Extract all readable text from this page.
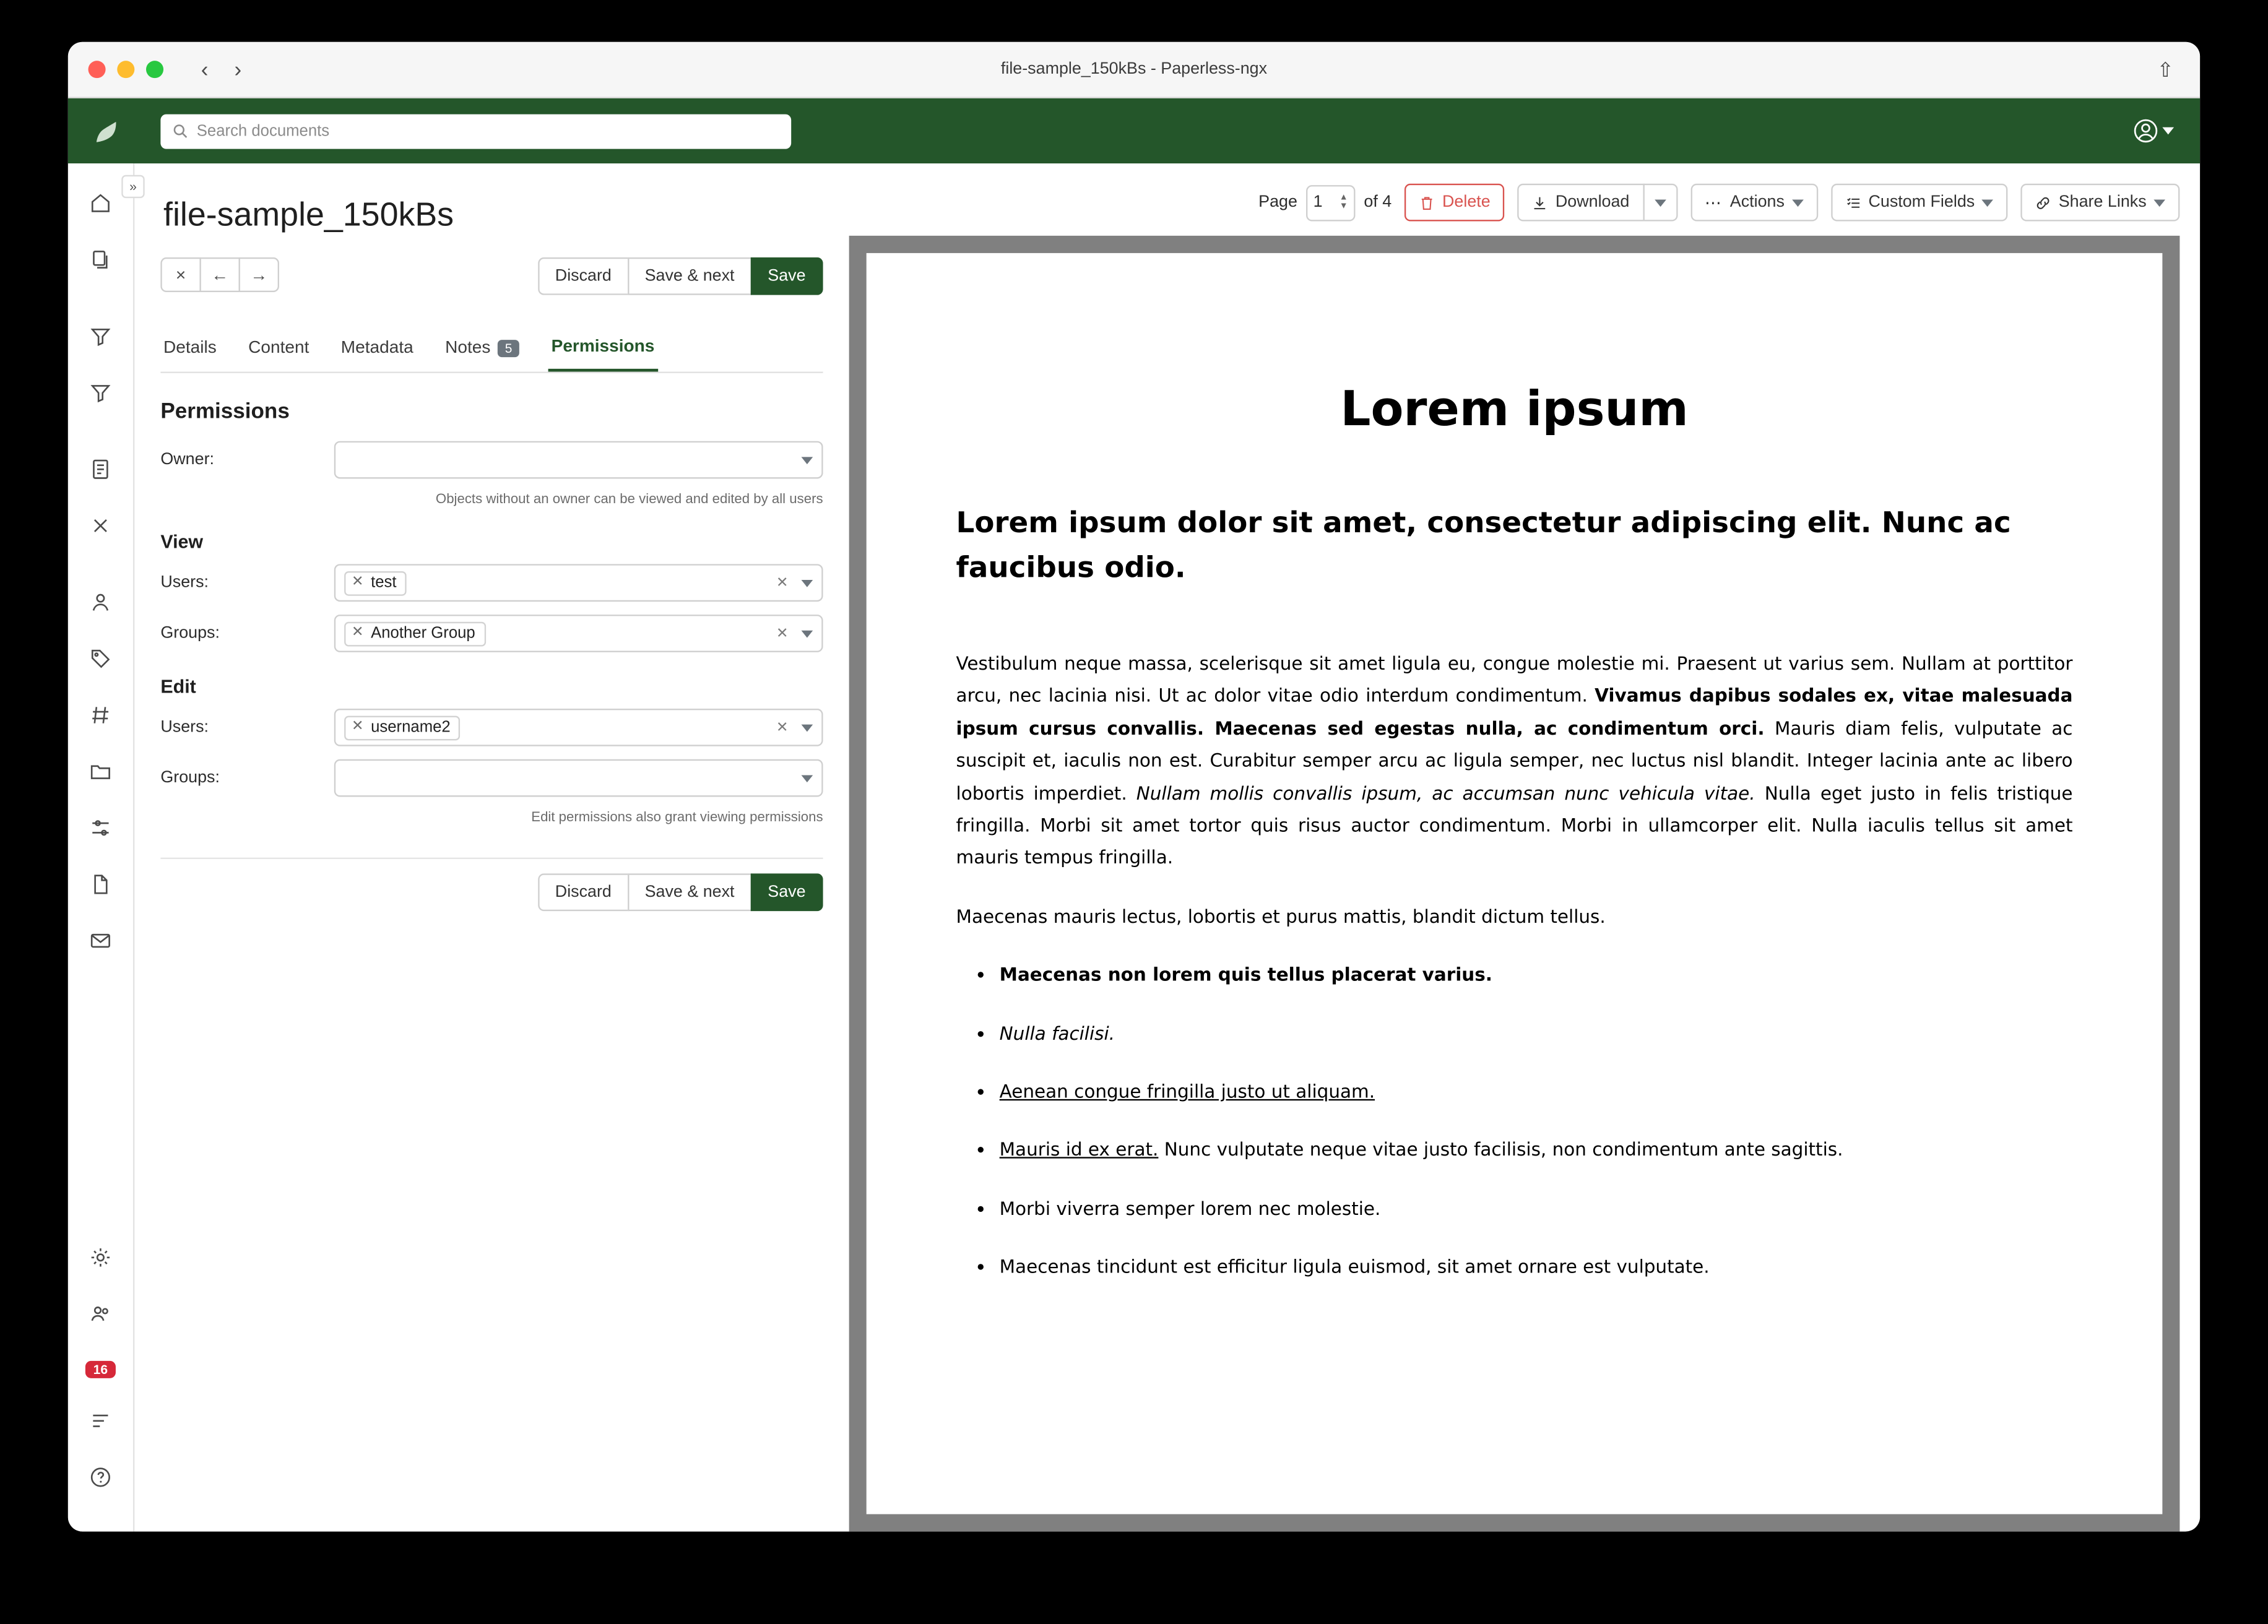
‹	›	file-sample_150kBs - Paperless-ngx	⇧
Search documents
»
16
file-sample_150kBs
×	←	→	Discard	Save & next	Save
Details	Content	Metadata	Notes	5	Permissions
Permissions
Owner:
Objects without an owner can be viewed and edited by all users
View
Users:	✕ test	✕
Groups:	✕ Another Group	✕
Edit
Users:	✕ username2	✕
Groups:
Edit permissions also grant viewing permissions
Discard	Save & next	Save
Page 1	▲
▼ of 4	Delete	Download	⋯ Actions	Custom Fields	Share Links
Lorem ipsum
Lorem ipsum dolor sit amet, consectetur adipiscing elit. Nunc ac faucibus odio.

Vestibulum neque massa, scelerisque sit amet ligula eu, congue molestie mi. Praesent ut varius sem. Nullam at porttitor arcu, nec lacinia nisi. Ut ac dolor vitae odio interdum condimentum. Vivamus dapibus sodales ex, vitae malesuada ipsum cursus convallis. Maecenas sed egestas nulla, ac condimentum orci. Mauris diam felis, vulputate ac suscipit et, iaculis non est. Curabitur semper arcu ac ligula semper, nec luctus nisl blandit. Integer lacinia ante ac libero lobortis imperdiet. Nullam mollis convallis ipsum, ac accumsan nunc vehicula vitae. Nulla eget justo in felis tristique fringilla. Morbi sit amet tortor quis risus auctor condimentum. Morbi in ullamcorper elit. Nulla iaculis tellus sit amet mauris tempus fringilla.

Maecenas mauris lectus, lobortis et purus mattis, blandit dictum tellus.

• Maecenas non lorem quis tellus placerat varius.
• Nulla facilisi.
• Aenean congue fringilla justo ut aliquam.
• Mauris id ex erat. Nunc vulputate neque vitae justo facilisis, non condimentum ante sagittis.
• Morbi viverra semper lorem nec molestie.
• Maecenas tincidunt est efficitur ligula euismod, sit amet ornare est vulputate.
